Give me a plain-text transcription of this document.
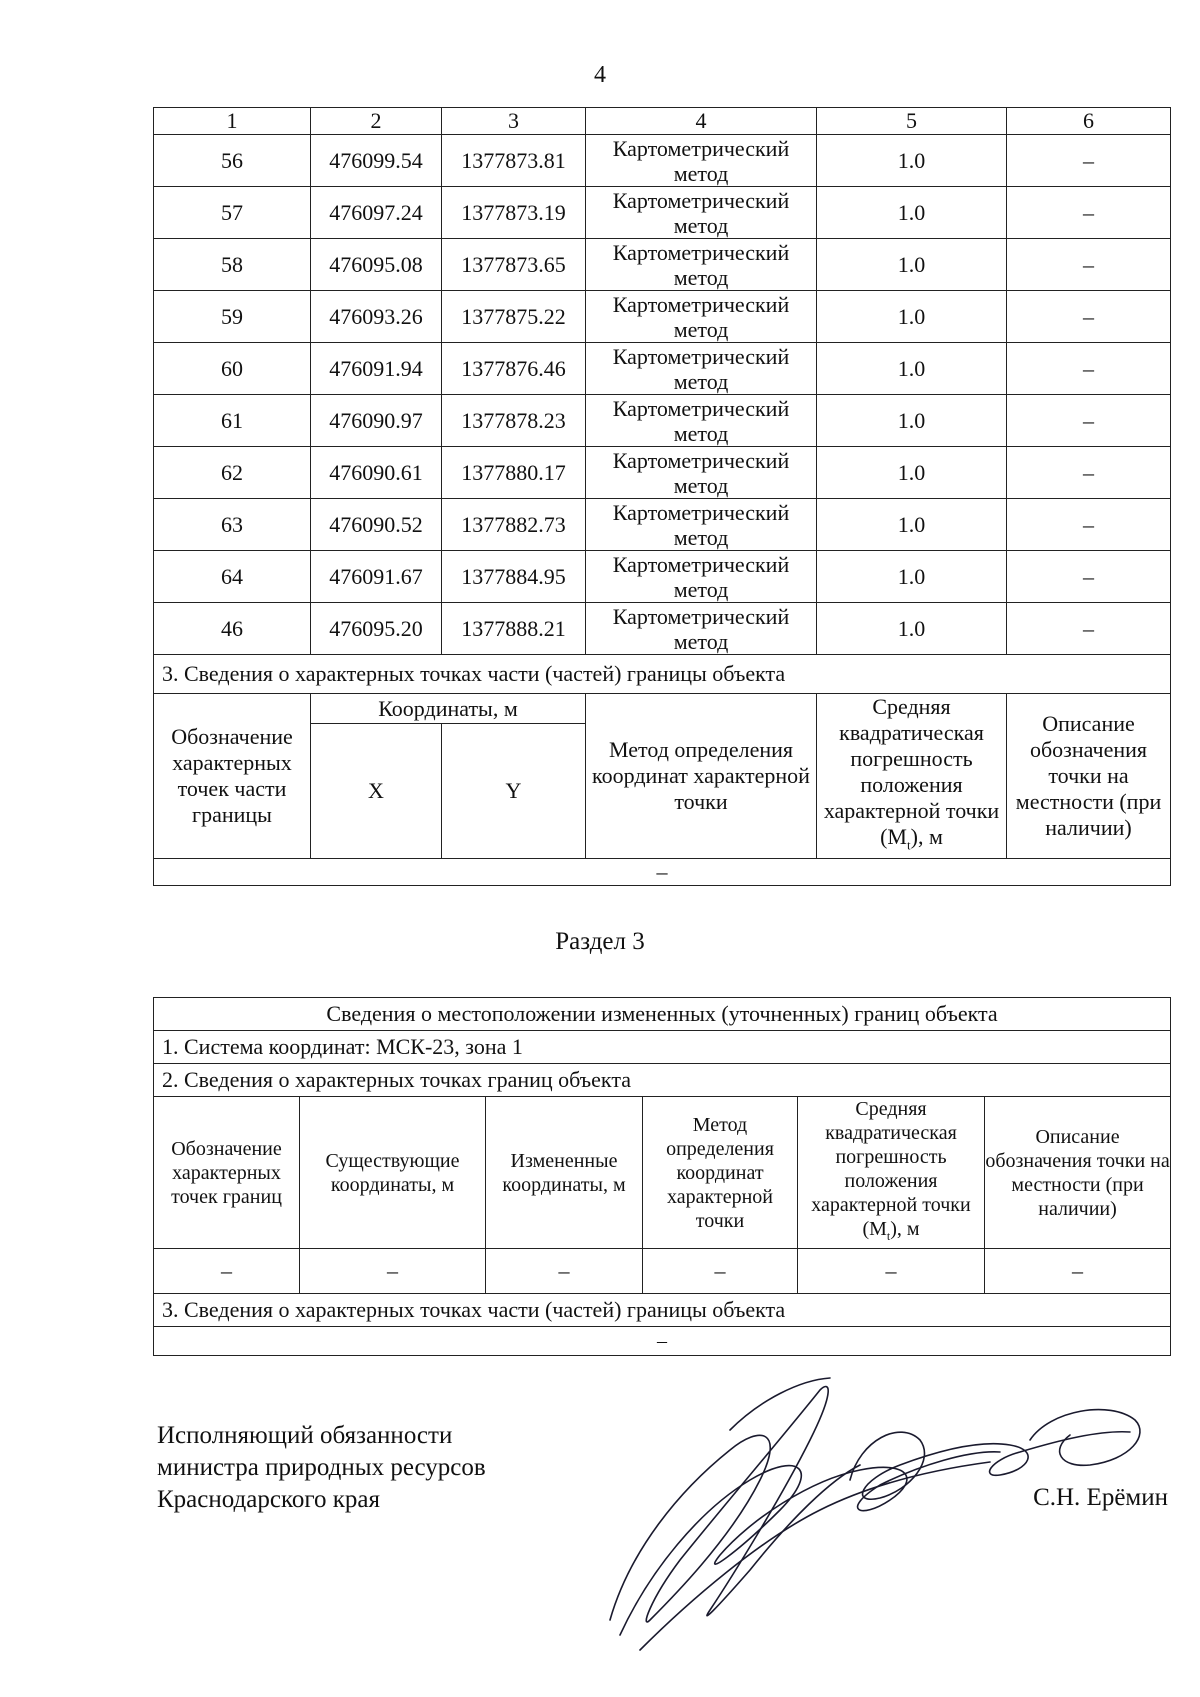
4
1	2	3	4	5	6
56	476099.54	1377873.81	Картометрический метод	1.0	–
57	476097.24	1377873.19	Картометрический метод	1.0	–
58	476095.08	1377873.65	Картометрический метод	1.0	–
59	476093.26	1377875.22	Картометрический метод	1.0	–
60	476091.94	1377876.46	Картометрический метод	1.0	–
61	476090.97	1377878.23	Картометрический метод	1.0	–
62	476090.61	1377880.17	Картометрический метод	1.0	–
63	476090.52	1377882.73	Картометрический метод	1.0	–
64	476091.67	1377884.95	Картометрический метод	1.0	–
46	476095.20	1377888.21	Картометрический метод	1.0	–
3. Сведения о характерных точках части (частей) границы объекта					
Обозначение характерных точек части границы	Координаты, м		Метод определения координат характерной точки	Средняя квадратическая погрешность положения характерной точки $(M_t)$, м	Описание обозначения точки на местности (при наличии)
	X	Y			
–					
Раздел 3
Сведения о местоположении измененных (уточненных) границ объекта					
1. Система координат: МСК-23, зона 1					
2. Сведения о характерных точках границ объекта					
Обозначение характерных точек границ	Существующие координаты, м	Измененные координаты, м	Метод определения координат характерной точки	Средняя квадратическая погрешность положения характерной точки $(M_t)$, м	Описание обозначения точки на местности (при наличии)
–	–	–	–	–	–
3. Сведения о характерных точках части (частей) границы объекта					
–					
Исполняющий обязанности
министра природных ресурсов
Краснодарского края	С.Н. Ерёмин
